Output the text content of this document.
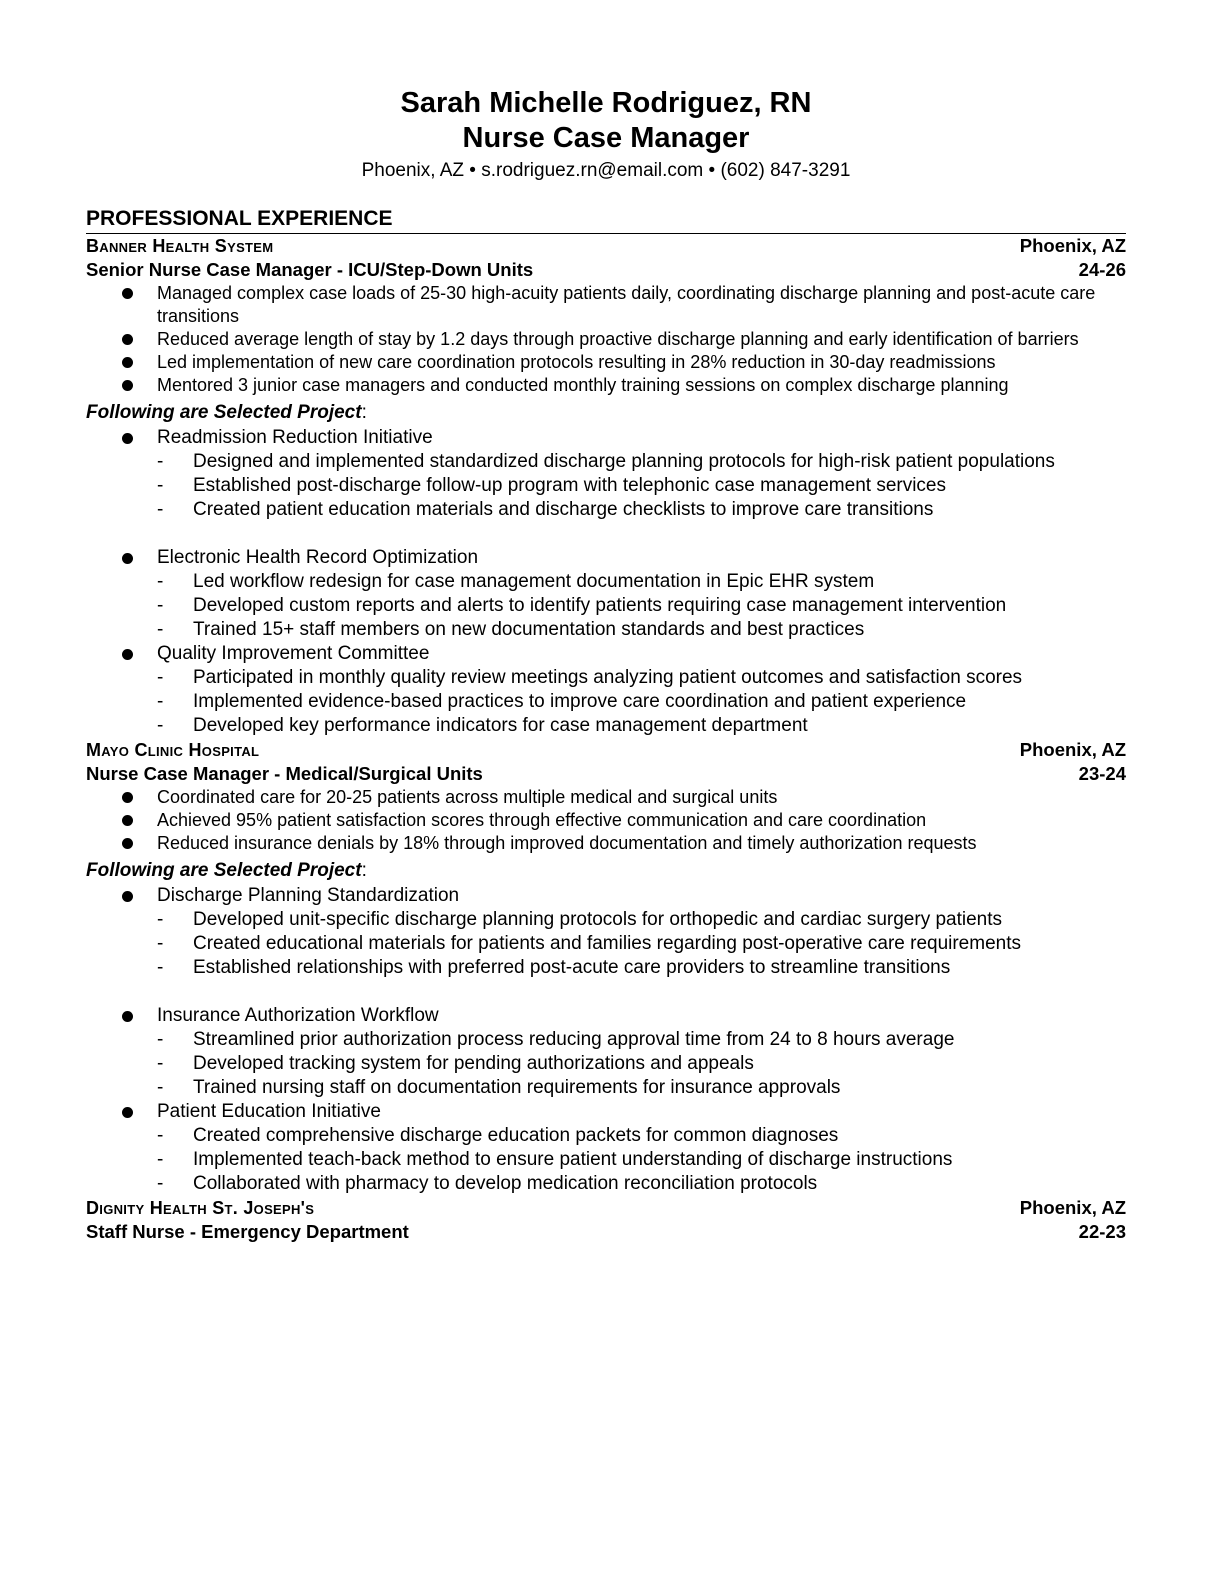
Sarah Michelle Rodriguez, RN
Nurse Case Manager
Phoenix, AZ • s.rodriguez.rn@email.com • (602) 847-3291
PROFESSIONAL EXPERIENCE
Banner Health System	Phoenix, AZ
Senior Nurse Case Manager - ICU/Step-Down Units	24-26
Managed complex case loads of 25-30 high-acuity patients daily, coordinating discharge planning and post-acute care transitions
Reduced average length of stay by 1.2 days through proactive discharge planning and early identification of barriers
Led implementation of new care coordination protocols resulting in 28% reduction in 30-day readmissions
Mentored 3 junior case managers and conducted monthly training sessions on complex discharge planning
Following are Selected Project:
Readmission Reduction Initiative
- Designed and implemented standardized discharge planning protocols for high-risk patient populations
- Established post-discharge follow-up program with telephonic case management services
- Created patient education materials and discharge checklists to improve care transitions
Electronic Health Record Optimization
- Led workflow redesign for case management documentation in Epic EHR system
- Developed custom reports and alerts to identify patients requiring case management intervention
- Trained 15+ staff members on new documentation standards and best practices
Quality Improvement Committee
- Participated in monthly quality review meetings analyzing patient outcomes and satisfaction scores
- Implemented evidence-based practices to improve care coordination and patient experience
- Developed key performance indicators for case management department
Mayo Clinic Hospital	Phoenix, AZ
Nurse Case Manager - Medical/Surgical Units	23-24
Coordinated care for 20-25 patients across multiple medical and surgical units
Achieved 95% patient satisfaction scores through effective communication and care coordination
Reduced insurance denials by 18% through improved documentation and timely authorization requests
Following are Selected Project:
Discharge Planning Standardization
- Developed unit-specific discharge planning protocols for orthopedic and cardiac surgery patients
- Created educational materials for patients and families regarding post-operative care requirements
- Established relationships with preferred post-acute care providers to streamline transitions
Insurance Authorization Workflow
- Streamlined prior authorization process reducing approval time from 24 to 8 hours average
- Developed tracking system for pending authorizations and appeals
- Trained nursing staff on documentation requirements for insurance approvals
Patient Education Initiative
- Created comprehensive discharge education packets for common diagnoses
- Implemented teach-back method to ensure patient understanding of discharge instructions
- Collaborated with pharmacy to develop medication reconciliation protocols
Dignity Health St. Joseph's	Phoenix, AZ
Staff Nurse - Emergency Department	22-23
